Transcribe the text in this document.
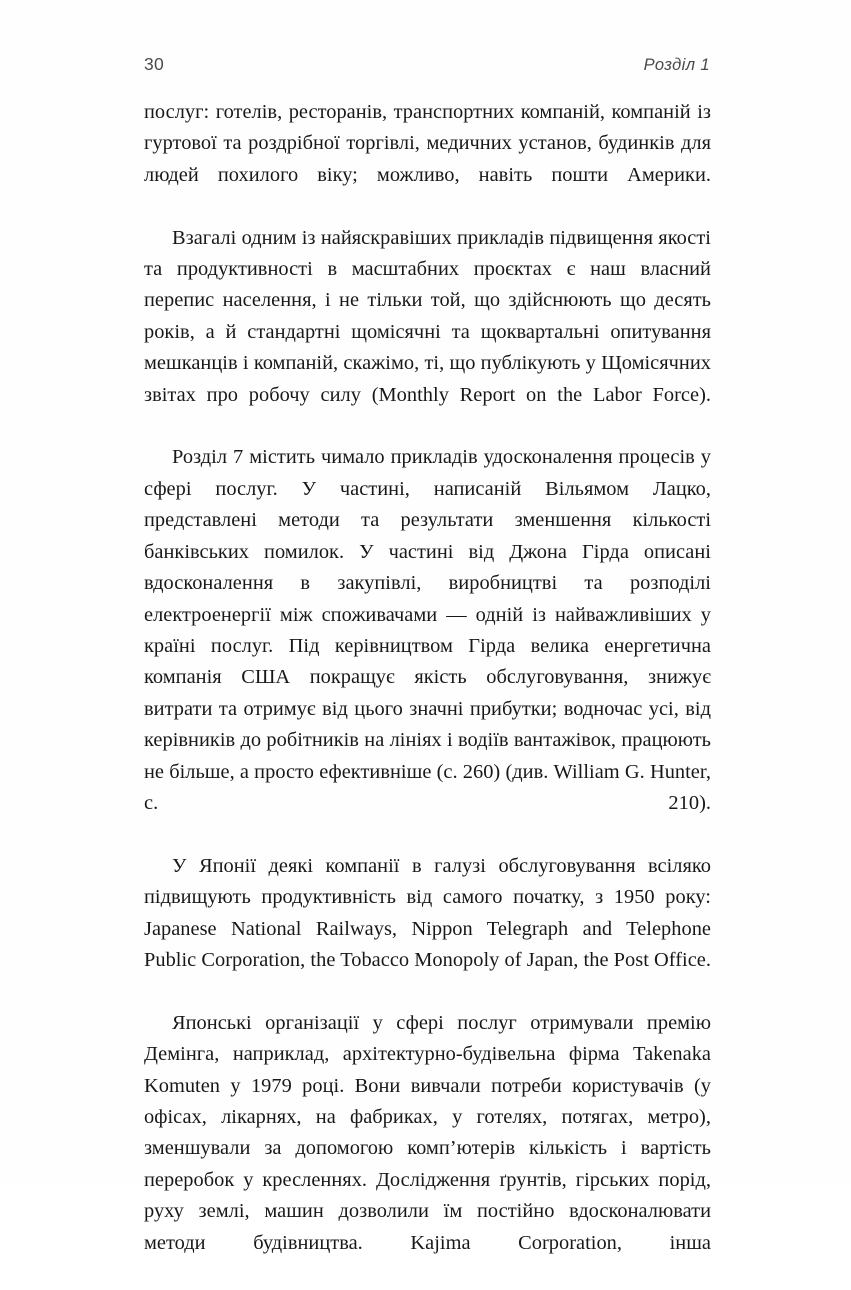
30	Розділ 1

послуг: готелів, ресторанів, транспортних компаній, компаній із гуртової та роздрібної торгівлі, медичних установ, будинків для людей похилого віку; можливо, навіть пошти Америки.

Взагалі одним із найяскравіших прикладів підвищення якості та продуктивності в масштабних проєктах є наш власний перепис населення, і не тільки той, що здійснюють що десять років, а й стандартні щомісячні та щоквартальні опитування мешканців і компаній, скажімо, ті, що публікують у Щомісячних звітах про робочу силу (Monthly Report on the Labor Force).

Розділ 7 містить чимало прикладів удосконалення процесів у сфері послуг. У частині, написаній Вільямом Лацко, представлені методи та результати зменшення кількості банківських помилок. У частині від Джона Гірда описані вдосконалення в закупівлі, виробництві та розподілі електроенергії між споживачами — одній із найважливіших у країні послуг. Під керівництвом Гірда велика енергетична компанія США покращує якість обслуговування, знижує витрати та отримує від цього значні прибутки; водночас усі, від керівників до робітників на лініях і водіїв вантажівок, працюють не більше, а просто ефективніше (с. 260) (див. William G. Hunter, с. 210).

У Японії деякі компанії в галузі обслуговування всіляко підвищують продуктивність від самого початку, з 1950 року: Japanese National Railways, Nippon Telegraph and Telephone Public Corporation, the Tobacco Monopoly of Japan, the Post Office.

Японські організації у сфері послуг отримували премію Демінга, наприклад, архітектурно-будівельна фірма Takenaka Komuten у 1979 році. Вони вивчали потреби користувачів (у офісах, лікарнях, на фабриках, у готелях, потягах, метро), зменшували за допомогою комп’ютерів кількість і вартість переробок у кресленнях. Дослідження ґрунтів, гірських порід, руху землі, машин дозволили їм постійно вдосконалювати методи будівництва. Kajima Corporation, інша
